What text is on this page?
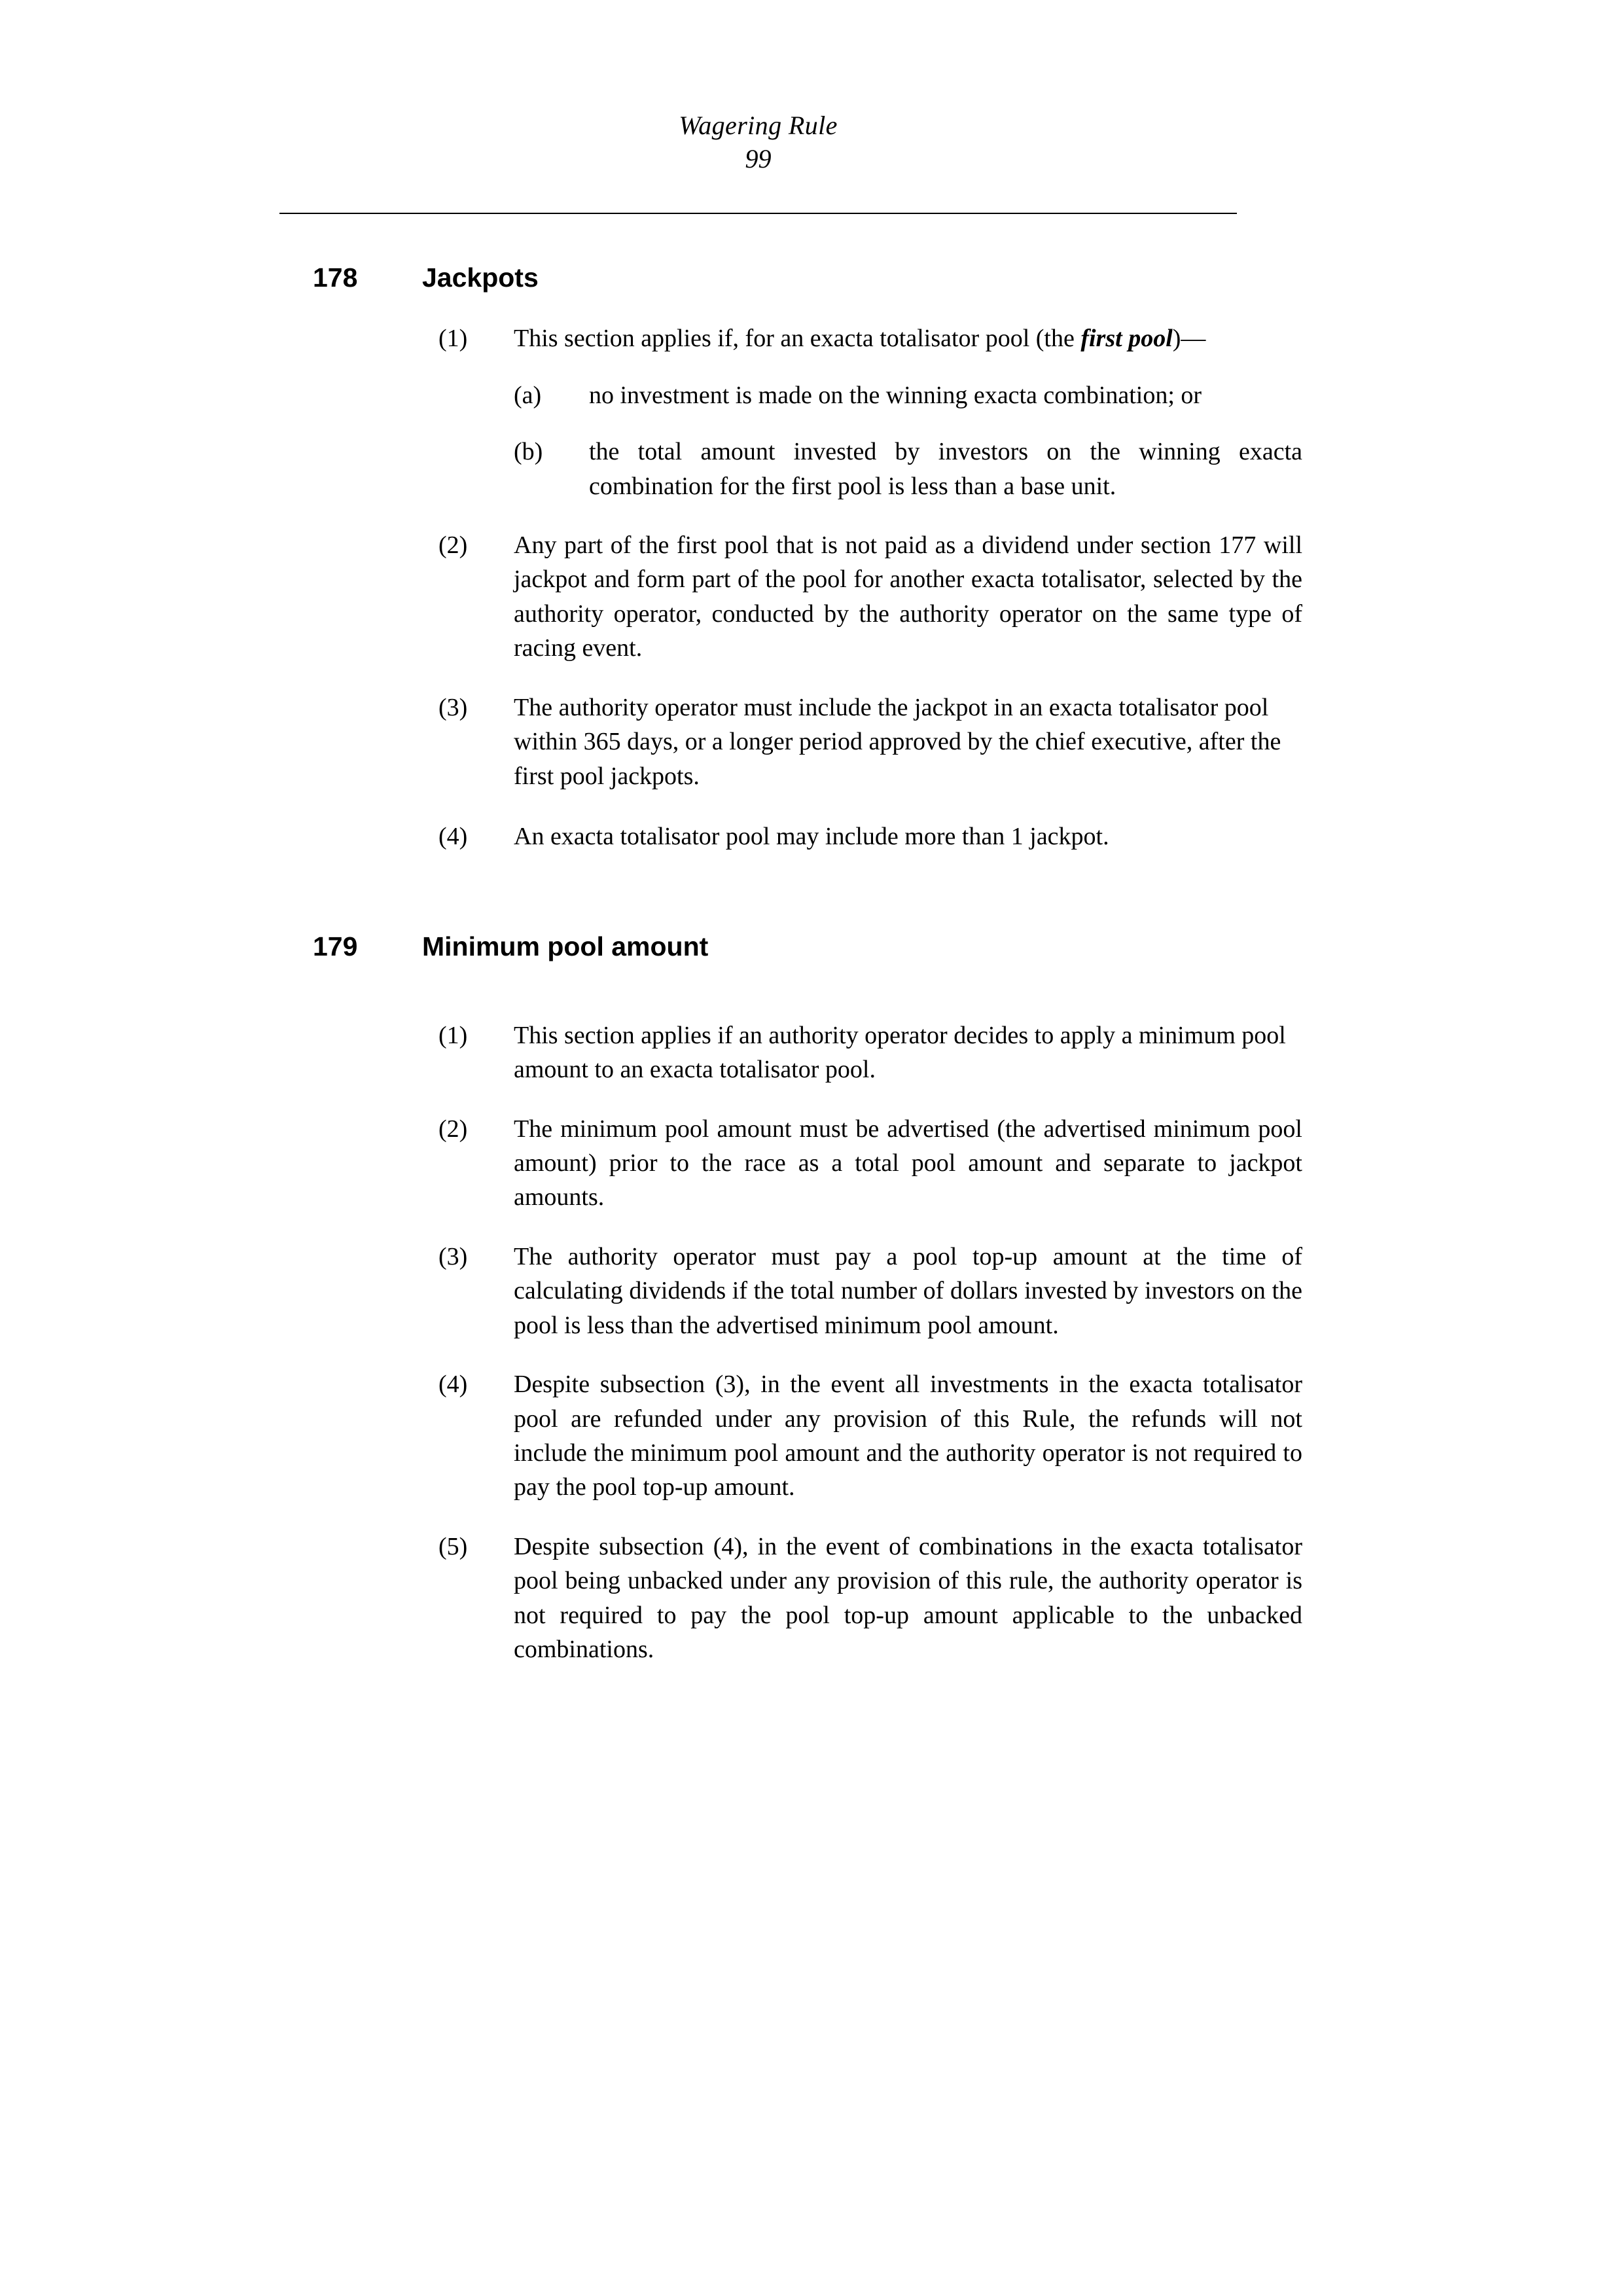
Wagering Rule
99
178	Jackpots
(1)	This section applies if, for an exacta totalisator pool (the first pool)—
(a)	no investment is made on the winning exacta combination; or
(b)	the total amount invested by investors on the winning exacta combination for the first pool is less than a base unit.
(2)	Any part of the first pool that is not paid as a dividend under section 177 will jackpot and form part of the pool for another exacta totalisator, selected by the authority operator, conducted by the authority operator on the same type of racing event.
(3)	The authority operator must include the jackpot in an exacta totalisator pool within 365 days, or a longer period approved by the chief executive, after the first pool jackpots.
(4)	An exacta totalisator pool may include more than 1 jackpot.
179	Minimum pool amount
(1)	This section applies if an authority operator decides to apply a minimum pool amount to an exacta totalisator pool.
(2)	The minimum pool amount must be advertised (the advertised minimum pool amount) prior to the race as a total pool amount and separate to jackpot amounts.
(3)	The authority operator must pay a pool top-up amount at the time of calculating dividends if the total number of dollars invested by investors on the pool is less than the advertised minimum pool amount.
(4)	Despite subsection (3), in the event all investments in the exacta totalisator pool are refunded under any provision of this Rule, the refunds will not include the minimum pool amount and the authority operator is not required to pay the pool top-up amount.
(5)	Despite subsection (4), in the event of combinations in the exacta totalisator pool being unbacked under any provision of this rule, the authority operator is not required to pay the pool top-up amount applicable to the unbacked combinations.
